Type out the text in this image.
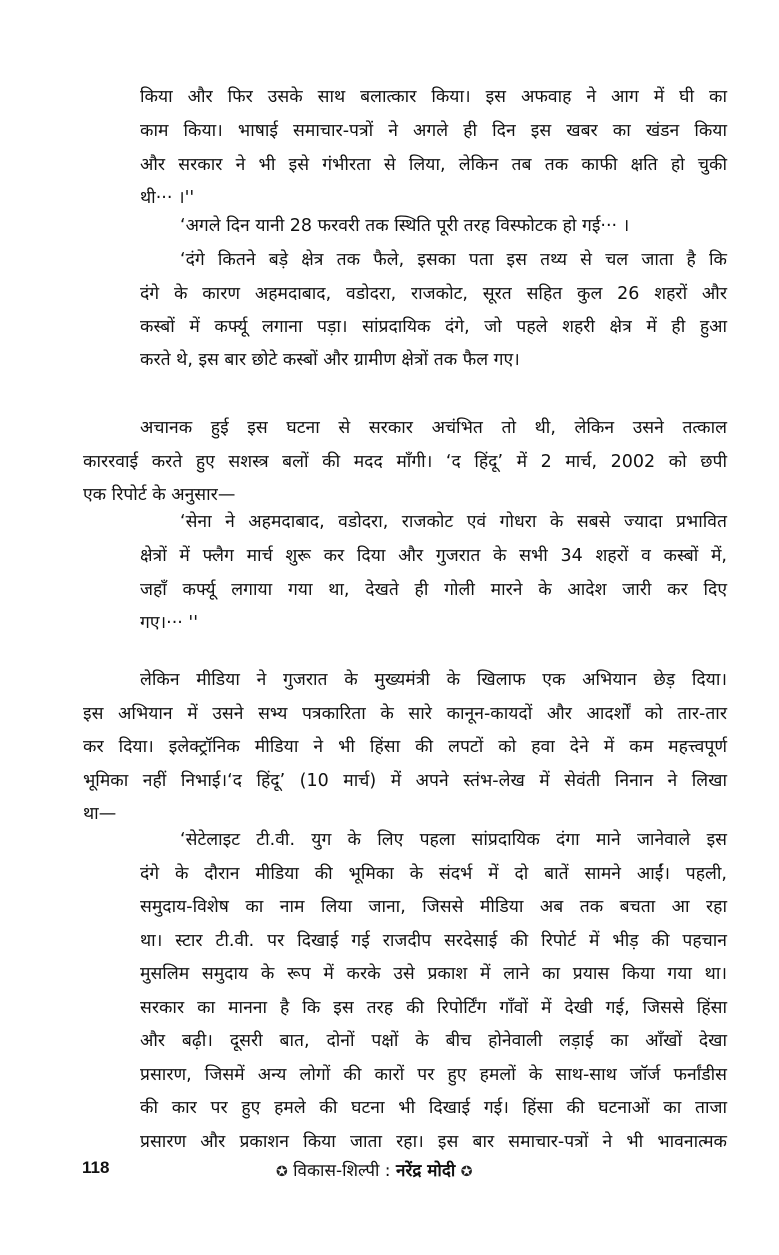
किया और फिर उसके साथ बलात्कार किया। इस अफवाह ने आग में घी का
काम किया। भाषाई समाचार-पत्रों ने अगले ही दिन इस खबर का खंडन किया
और सरकार ने भी इसे गंभीरता से लिया, लेकिन तब तक काफी क्षति हो चुकी
थी··· ।''
‘अगले दिन यानी 28 फरवरी तक स्थिति पूरी तरह विस्फोटक हो गई··· ।
‘दंगे कितने बड़े क्षेत्र तक फैले, इसका पता इस तथ्य से चल जाता है कि
दंगे के कारण अहमदाबाद, वडोदरा, राजकोट, सूरत सहित कुल 26 शहरों और
कस्बों में कर्फ्यू लगाना पड़ा। सांप्रदायिक दंगे, जो पहले शहरी क्षेत्र में ही हुआ
करते थे, इस बार छोटे कस्बों और ग्रामीण क्षेत्रों तक फैल गए।
अचानक हुई इस घटना से सरकार अचंभित तो थी, लेकिन उसने तत्काल
काररवाई करते हुए सशस्त्र बलों की मदद माँगी। ‘द हिंदू’ में 2 मार्च, 2002 को छपी
एक रिपोर्ट के अनुसार—
‘सेना ने अहमदाबाद, वडोदरा, राजकोट एवं गोधरा के सबसे ज्यादा प्रभावित
क्षेत्रों में फ्लैग मार्च शुरू कर दिया और गुजरात के सभी 34 शहरों व कस्बों में,
जहाँ कर्फ्यू लगाया गया था, देखते ही गोली मारने के आदेश जारी कर दिए
गए।··· ''
लेकिन मीडिया ने गुजरात के मुख्यमंत्री के खिलाफ एक अभियान छेड़ दिया।
इस अभियान में उसने सभ्य पत्रकारिता के सारे कानून-कायदों और आदर्शों को तार-तार
कर दिया। इलेक्ट्रॉनिक मीडिया ने भी हिंसा की लपटों को हवा देने में कम महत्त्वपूर्ण
भूमिका नहीं निभाई।‘द हिंदू’ (10 मार्च) में अपने स्तंभ-लेख में सेवंती निनान ने लिखा
था—
‘सेटेलाइट टी.वी. युग के लिए पहला सांप्रदायिक दंगा माने जानेवाले इस
दंगे के दौरान मीडिया की भूमिका के संदर्भ में दो बातें सामने आईं। पहली,
समुदाय-विशेष का नाम लिया जाना, जिससे मीडिया अब तक बचता आ रहा
था। स्टार टी.वी. पर दिखाई गई राजदीप सरदेसाई की रिपोर्ट में भीड़ की पहचान
मुसलिम समुदाय के रूप में करके उसे प्रकाश में लाने का प्रयास किया गया था।
सरकार का मानना है कि इस तरह की रिपोर्टिंग गाँवों में देखी गई, जिससे हिंसा
और बढ़ी। दूसरी बात, दोनों पक्षों के बीच होनेवाली लड़ाई का आँखों देखा
प्रसारण, जिसमें अन्य लोगों की कारों पर हुए हमलों के साथ-साथ जॉर्ज फर्नांडीस
की कार पर हुए हमले की घटना भी दिखाई गई। हिंसा की घटनाओं का ताजा
प्रसारण और प्रकाशन किया जाता रहा। इस बार समाचार-पत्रों ने भी भावनात्मक
118	✪ विकास-शिल्पी : नरेंद्र मोदी ✪
